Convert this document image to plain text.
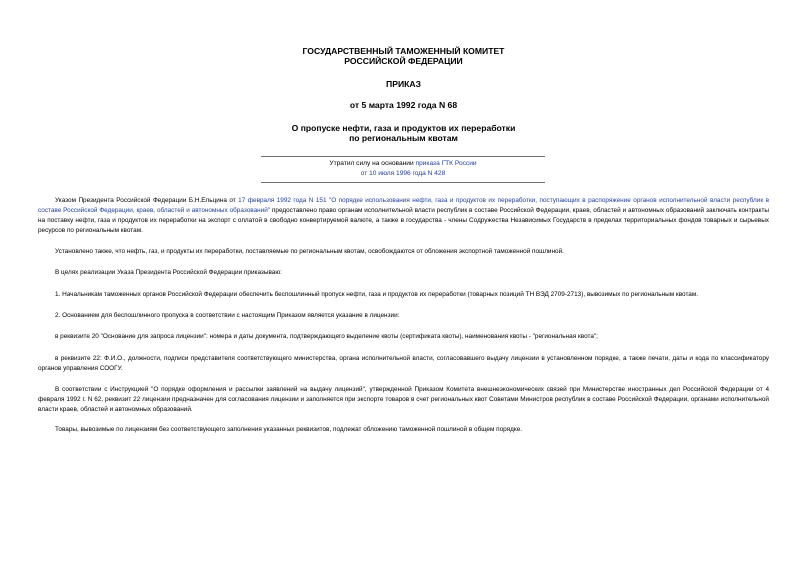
ГОСУДАРСТВЕННЫЙ ТАМОЖЕННЫЙ КОМИТЕТ
РОССИЙСКОЙ ФЕДЕРАЦИИ
ПРИКАЗ
от 5 марта 1992 года N 68
О пропуске нефти, газа и продуктов их переработки
по региональным квотам
Утратил силу на основании приказа ГТК России
от 10 июля 1996 года N 428

Указом Президента Российской Федерации Б.Н.Ельцина от 17 февраля 1992 года N 151 "О порядке использования нефти, газа и продуктов их переработки, поступающих в распоряжение органов исполнительной власти республик в составе Российской Федерации, краев, областей и автономных образований" предоставлено право органам исполнительной власти республик в составе Российской Федерации, краев, областей и автономных образований заключать контракты на поставку нефти, газа и продуктов их переработки на экспорт с оплатой в свободно конвертируемой валюте, а также в государства - члены Содружества Независимых Государств в пределах территориальных фондов товарных и сырьевых ресурсов по региональным квотам.

Установлено также, что нефть, газ, и продукты их переработки, поставляемые по региональным квотам, освобождаются от обложения экспортной таможенной пошлиной.

В целях реализации Указа Президента Российской Федерации приказываю:

1. Начальникам таможенных органов Российской Федерации обеспечить беспошлинный пропуск нефти, газа и продуктов их переработки (товарных позиций ТН ВЭД 2709-2713), вывозимых по региональным квотам.

2. Основанием для беспошлинного пропуска в соответствии с настоящим Приказом является указание в лицензии:

в реквизите 20 "Основание для запроса лицензии": номера и даты документа, подтверждающего выделение квоты (сертификата квоты), наименования квоты - "региональная квота";

в реквизите 22: Ф.И.О., должности, подписи представителя соответствующего министерства, органа исполнительной власти, согласовавшего выдачу лицензии в установленном порядке, а также печати, даты и кода по классификатору органов управления СООГУ.

В соответствии с Инструкцией "О порядке оформления и рассылки заявлений на выдачу лицензий", утвержденной Приказом Комитета внешнеэкономических связей при Министерстве иностранных дел Российской Федерации от 4 февраля 1992 г. N 62, реквизит 22 лицензии предназначен для согласования лицензии и заполняется при экспорте товаров в счет региональных квот Советами Министров республик в составе Российской Федерации, органами исполнительной власти краев, областей и автономных образований.

Товары, вывозимые по лицензиям без соответствующего заполнения указанных реквизитов, подлежат обложению таможенной пошлиной в общем порядке.
